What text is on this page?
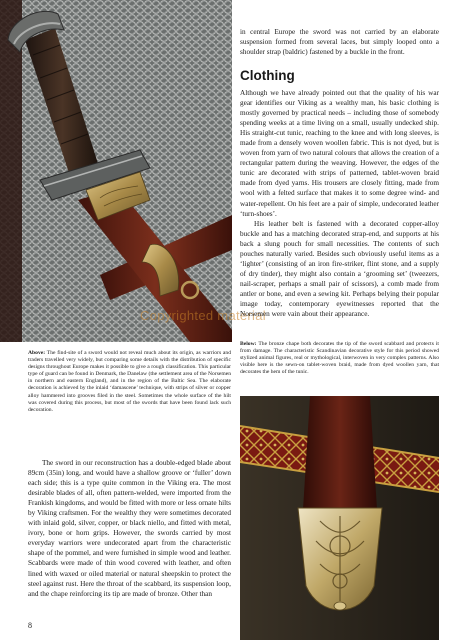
Copyrighted material
Above: The find-site of a sword would not reveal much about its origin, as warriors and traders travelled very widely, but comparing some details with the distribution of specific designs throughout Europe makes it possible to give a rough classification. This particular type of guard can be found in Denmark, the Danelaw (the settlement area of the Norsemen in northern and eastern England), and in the region of the Baltic Sea. The elaborate decoration is achieved by the inlaid ‘damascene’ technique, with strips of silver or copper alloy hammered into grooves filed in the steel. Sometimes the whole surface of the hilt was covered during this process, but most of the swords that have been found lack such decoration.

The sword in our reconstruction has a double-edged blade about 89cm (35in) long, and would have a shallow groove or ‘fuller’ down each side; this is a type quite common in the Viking era. The most desirable blades of all, often pattern-welded, were imported from the Frankish kingdoms, and would be fitted with more or less ornate hilts by Viking craftsmen. For the wealthy they were sometimes decorated with inlaid gold, silver, copper, or black niello, and fitted with metal, ivory, bone or horn grips. However, the swords carried by most everyday warriors were undecorated apart from the characteristic shape of the pommel, and were furnished in simple wood and leather. Scabbards were made of thin wood covered with leather, and often lined with waxed or oiled material or natural sheepskin to protect the steel against rust. Here the throat of the scabbard, its suspension loop, and the chape reinforcing its tip are made of bronze. Other than

8

in central Europe the sword was not carried by an elaborate suspension formed from several laces, but simply looped onto a shoulder strap (baldric) fastened by a buckle in the front.

Clothing

Although we have already pointed out that the quality of his war gear identifies our Viking as a wealthy man, his basic clothing is mostly governed by practical needs – including those of somebody spending weeks at a time living on a small, usually undecked ship. His straight-cut tunic, reaching to the knee and with long sleeves, is made from a densely woven woollen fabric. This is not dyed, but is woven from yarn of two natural colours that allows the creation of a rectangular pattern during the weaving. However, the edges of the tunic are decorated with strips of patterned, tablet-woven braid made from dyed yarns. His trousers are closely fitting, made from wool with a felted surface that makes it to some degree wind- and water-repellent. On his feet are a pair of simple, undecorated leather ‘turn-shoes’.

His leather belt is fastened with a decorated copper-alloy buckle and has a matching decorated strap-end, and supports at his back a slung pouch for small necessities. The contents of such pouches naturally varied. Besides such obviously useful items as a ‘lighter’ (consisting of an iron fire-striker, flint stone, and a supply of dry tinder), they might also contain a ‘grooming set’ (tweezers, nail-scraper, perhaps a small pair of scissors), a comb made from antler or bone, and even a sewing kit. Perhaps belying their popular image today, contemporary eyewitnesses reported that the Norsemen were vain about their appearance.

Below: The bronze chape both decorates the tip of the sword scabbard and protects it from damage. The characteristic Scandinavian decorative style for this period showed stylized animal figures, real or mythological, interwoven in very complex patterns. Also visible here is the sewn-on tablet-woven braid, made from dyed woollen yarn, that decorates the hem of the tunic.
